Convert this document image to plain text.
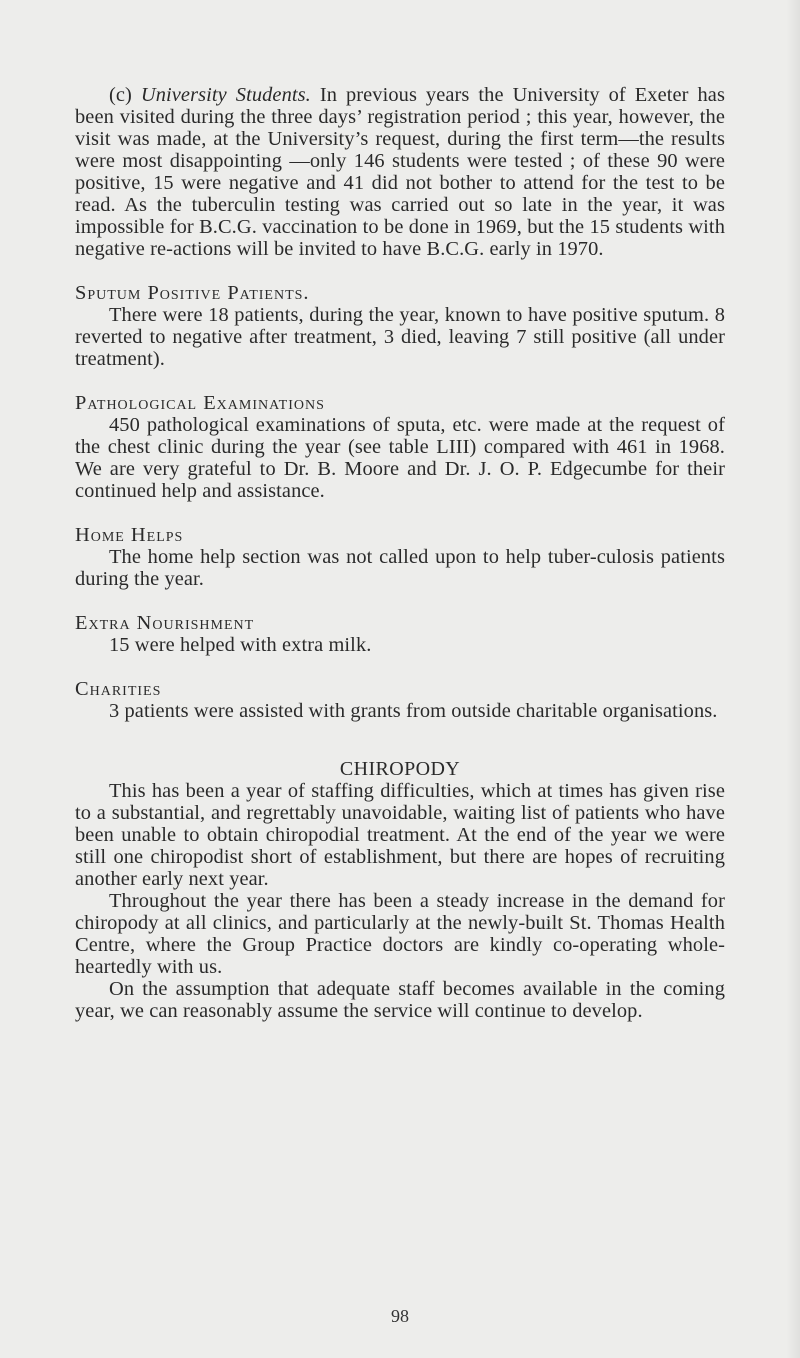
(c) University Students. In previous years the University of Exeter has been visited during the three days’ registration period ; this year, however, the visit was made, at the University’s request, during the first term—the results were most disappointing —only 146 students were tested ; of these 90 were positive, 15 were negative and 41 did not bother to attend for the test to be read. As the tuberculin testing was carried out so late in the year, it was impossible for B.C.G. vaccination to be done in 1969, but the 15 students with negative re-actions will be invited to have B.C.G. early in 1970.

Sputum Positive Patients.

There were 18 patients, during the year, known to have positive sputum. 8 reverted to negative after treatment, 3 died, leaving 7 still positive (all under treatment).

Pathological Examinations

450 pathological examinations of sputa, etc. were made at the request of the chest clinic during the year (see table LIII) compared with 461 in 1968. We are very grateful to Dr. B. Moore and Dr. J. O. P. Edgecumbe for their continued help and assistance.

Home Helps

The home help section was not called upon to help tuber-culosis patients during the year.

Extra Nourishment

15 were helped with extra milk.

Charities

3 patients were assisted with grants from outside charitable organisations.

CHIROPODY

This has been a year of staffing difficulties, which at times has given rise to a substantial, and regrettably unavoidable, waiting list of patients who have been unable to obtain chiropodial treatment. At the end of the year we were still one chiropodist short of establishment, but there are hopes of recruiting another early next year.

Throughout the year there has been a steady increase in the demand for chiropody at all clinics, and particularly at the newly-built St. Thomas Health Centre, where the Group Practice doctors are kindly co-operating whole-heartedly with us.

On the assumption that adequate staff becomes available in the coming year, we can reasonably assume the service will continue to develop.

98
